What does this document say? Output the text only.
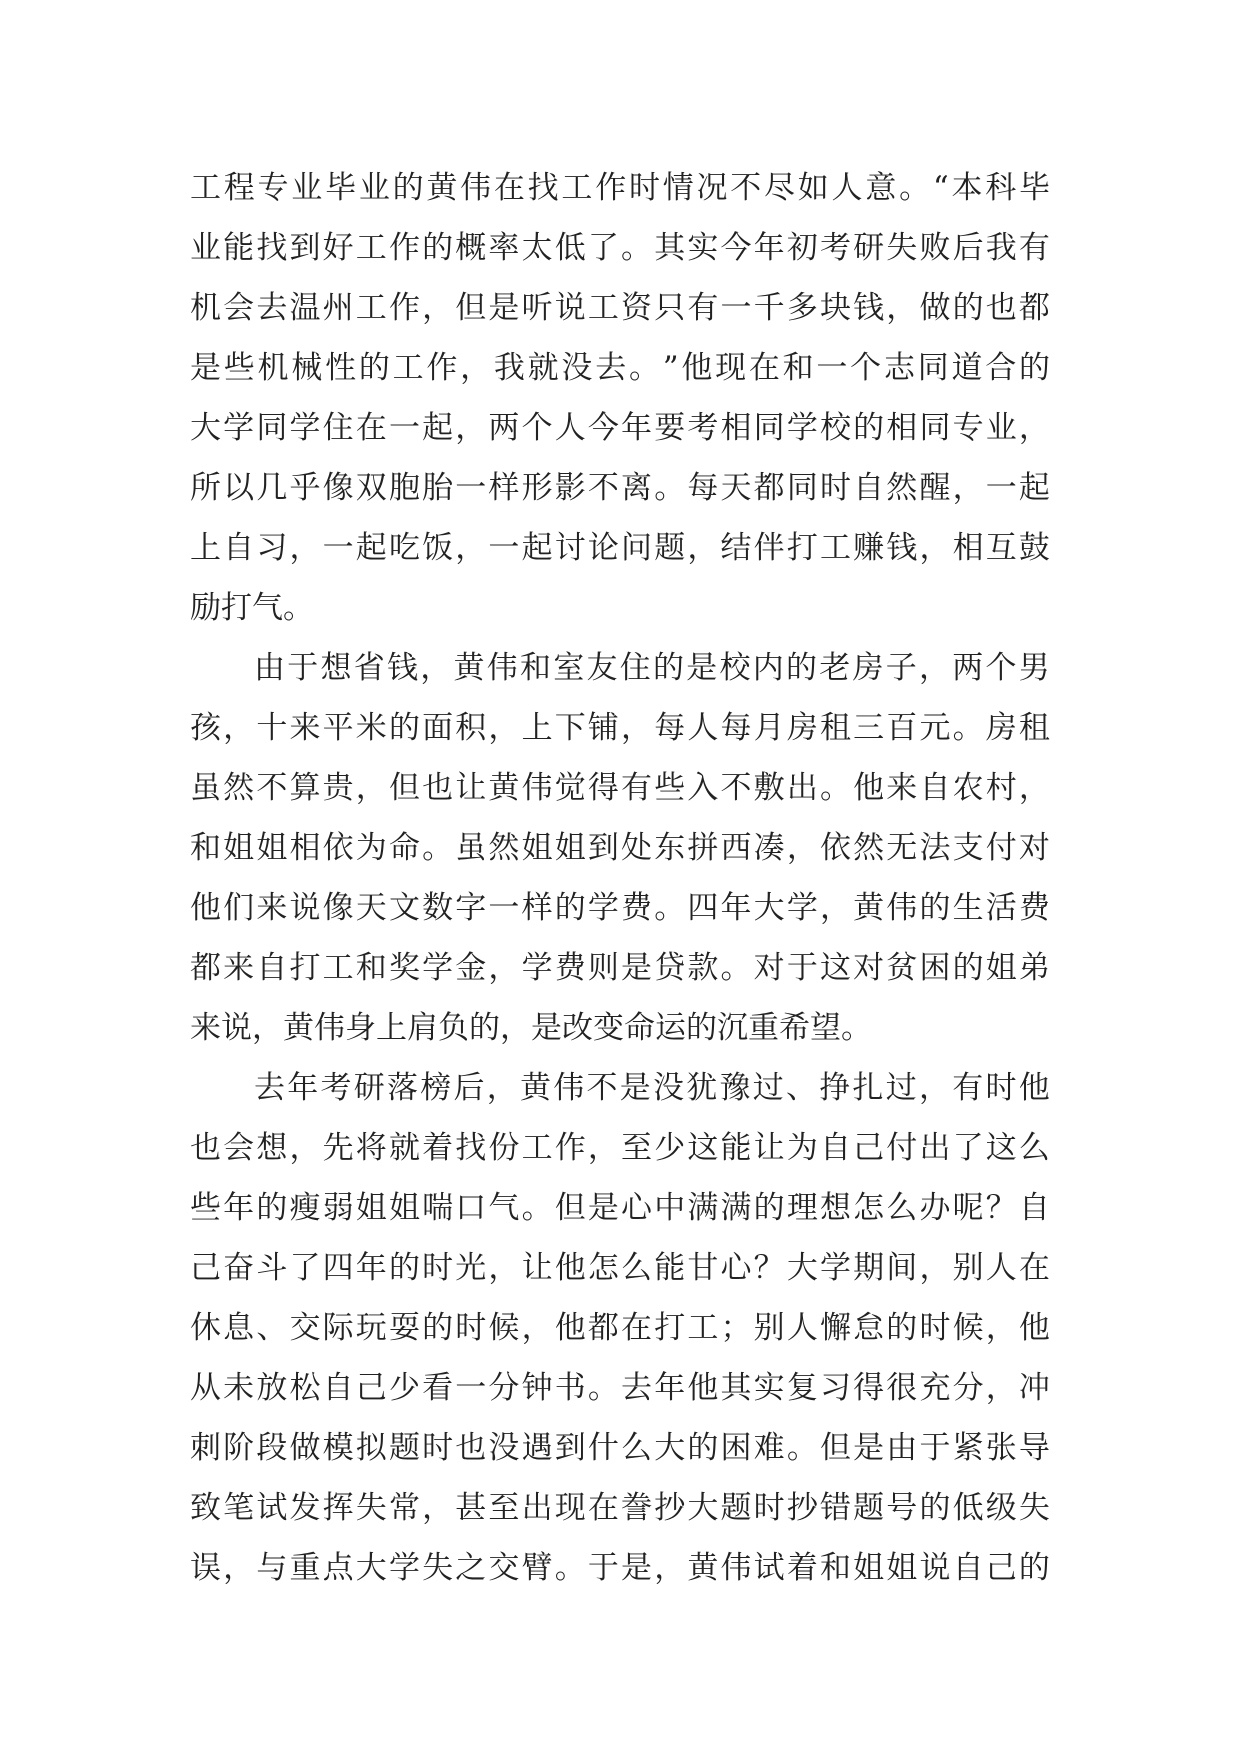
工 程 专 业 毕 业 的 黄 伟 在 找 工 作 时 情 况 不 尽 如 人 意 。 “ 本 科 毕
业 能 找 到 好 工 作 的 概 率 太 低 了 。 其 实 今 年 初 考 研 失 败 后 我 有
机 会 去 温 州 工 作 ， 但 是 听 说 工 资 只 有 一 千 多 块 钱 ， 做 的 也 都
是 些 机 械 性 的 工 作 ， 我 就 没 去 。 ” 他 现 在 和 一 个 志 同 道 合 的
大 学 同 学 住 在 一 起 ， 两 个 人 今 年 要 考 相 同 学 校 的 相 同 专 业 ，
所 以 几 乎 像 双 胞 胎 一 样 形 影 不 离 。 每 天 都 同 时 自 然 醒 ， 一 起
上 自 习 ， 一 起 吃 饭 ， 一 起 讨 论 问 题 ， 结 伴 打 工 赚 钱 ， 相 互 鼓
励 打 气 。
由 于 想 省 钱 ， 黄 伟 和 室 友 住 的 是 校 内 的 老 房 子 ， 两 个 男
孩 ， 十 来 平 米 的 面 积 ， 上 下 铺 ， 每 人 每 月 房 租 三 百 元 。 房 租
虽 然 不 算 贵 ， 但 也 让 黄 伟 觉 得 有 些 入 不 敷 出 。 他 来 自 农 村 ，
和 姐 姐 相 依 为 命 。 虽 然 姐 姐 到 处 东 拼 西 凑 ， 依 然 无 法 支 付 对
他 们 来 说 像 天 文 数 字 一 样 的 学 费 。 四 年 大 学 ， 黄 伟 的 生 活 费
都 来 自 打 工 和 奖 学 金 ， 学 费 则 是 贷 款 。 对 于 这 对 贫 困 的 姐 弟
来 说 ， 黄 伟 身 上 肩 负 的 ， 是 改 变 命 运 的 沉 重 希 望 。
去 年 考 研 落 榜 后 ， 黄 伟 不 是 没 犹 豫 过 、 挣 扎 过 ， 有 时 他
也 会 想 ， 先 将 就 着 找 份 工 作 ， 至 少 这 能 让 为 自 己 付 出 了 这 么
些 年 的 瘦 弱 姐 姐 喘 口 气 。 但 是 心 中 满 满 的 理 想 怎 么 办 呢 ？ 自
己 奋 斗 了 四 年 的 时 光 ， 让 他 怎 么 能 甘 心 ？ 大 学 期 间 ， 别 人 在
休 息 、 交 际 玩 耍 的 时 候 ， 他 都 在 打 工 ； 别 人 懈 怠 的 时 候 ， 他
从 未 放 松 自 己 少 看 一 分 钟 书 。 去 年 他 其 实 复 习 得 很 充 分 ， 冲
刺 阶 段 做 模 拟 题 时 也 没 遇 到 什 么 大 的 困 难 。 但 是 由 于 紧 张 导
致 笔 试 发 挥 失 常 ， 甚 至 出 现 在 誊 抄 大 题 时 抄 错 题 号 的 低 级 失
误 ， 与 重 点 大 学 失 之 交 臂 。 于 是 ， 黄 伟 试 着 和 姐 姐 说 自 己 的
